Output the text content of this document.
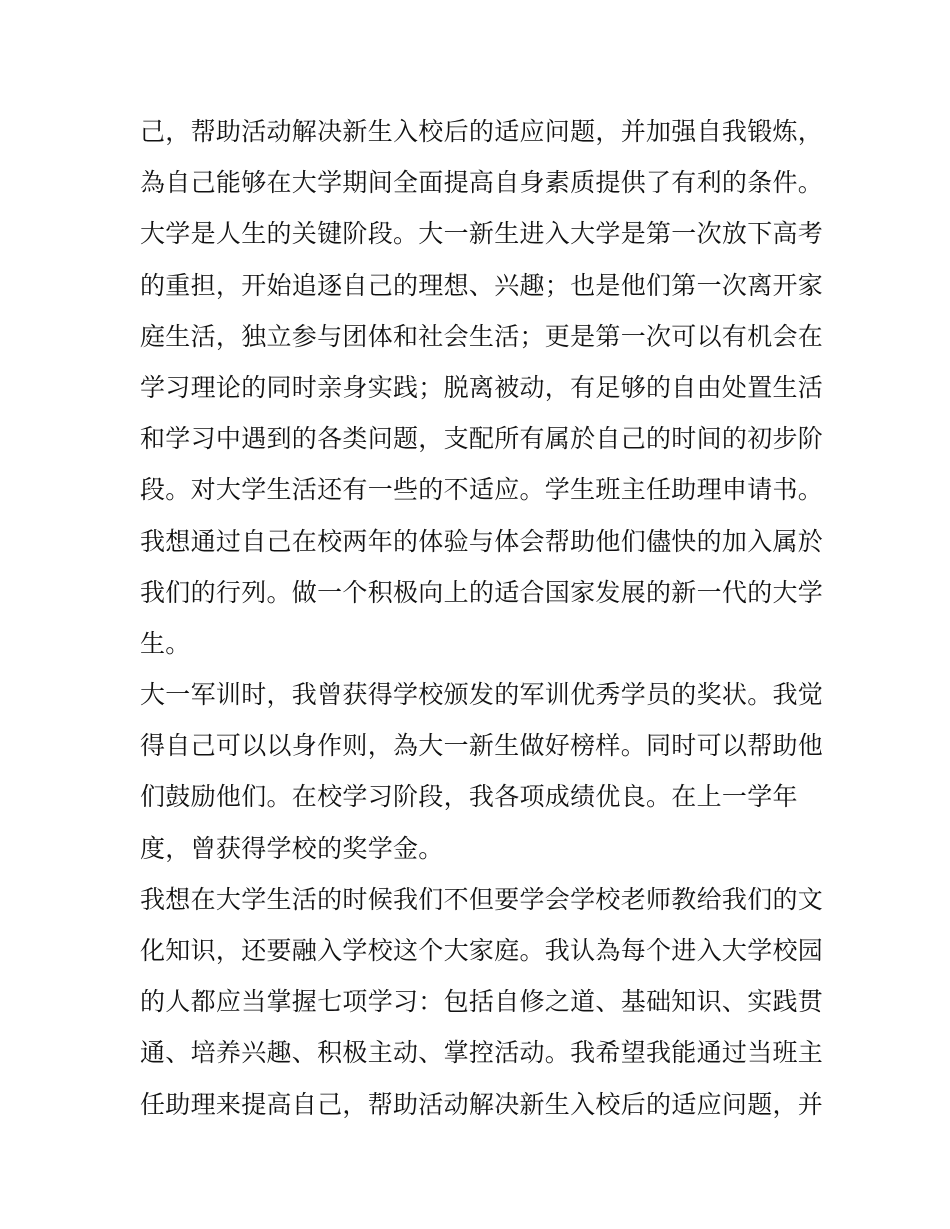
己，帮助活动解决新生入校后的适应问题，并加强自我锻炼，
為自己能够在大学期间全面提高自身素质提供了有利的条件。
大学是人生的关键阶段。大一新生进入大学是第一次放下高考
的重担，开始追逐自己的理想、兴趣；也是他们第一次离开家
庭生活，独立参与团体和社会生活；更是第一次可以有机会在
学习理论的同时亲身实践；脱离被动，有足够的自由处置生活
和学习中遇到的各类问题，支配所有属於自己的时间的初步阶
段。对大学生活还有一些的不适应。学生班主任助理申请书。
我想通过自己在校两年的体验与体会帮助他们儘快的加入属於
我们的行列。做一个积极向上的适合国家发展的新一代的大学
生。
大一军训时，我曾获得学校颁发的军训优秀学员的奖状。我觉
得自己可以以身作则，為大一新生做好榜样。同时可以帮助他
们鼓励他们。在校学习阶段，我各项成绩优良。在上一学年
度，曾获得学校的奖学金。
我想在大学生活的时候我们不但要学会学校老师教给我们的文
化知识，还要融入学校这个大家庭。我认為每个进入大学校园
的人都应当掌握七项学习：包括自修之道、基础知识、实践贯
通、培养兴趣、积极主动、掌控活动。我希望我能通过当班主
任助理来提高自己，帮助活动解决新生入校后的适应问题，并
